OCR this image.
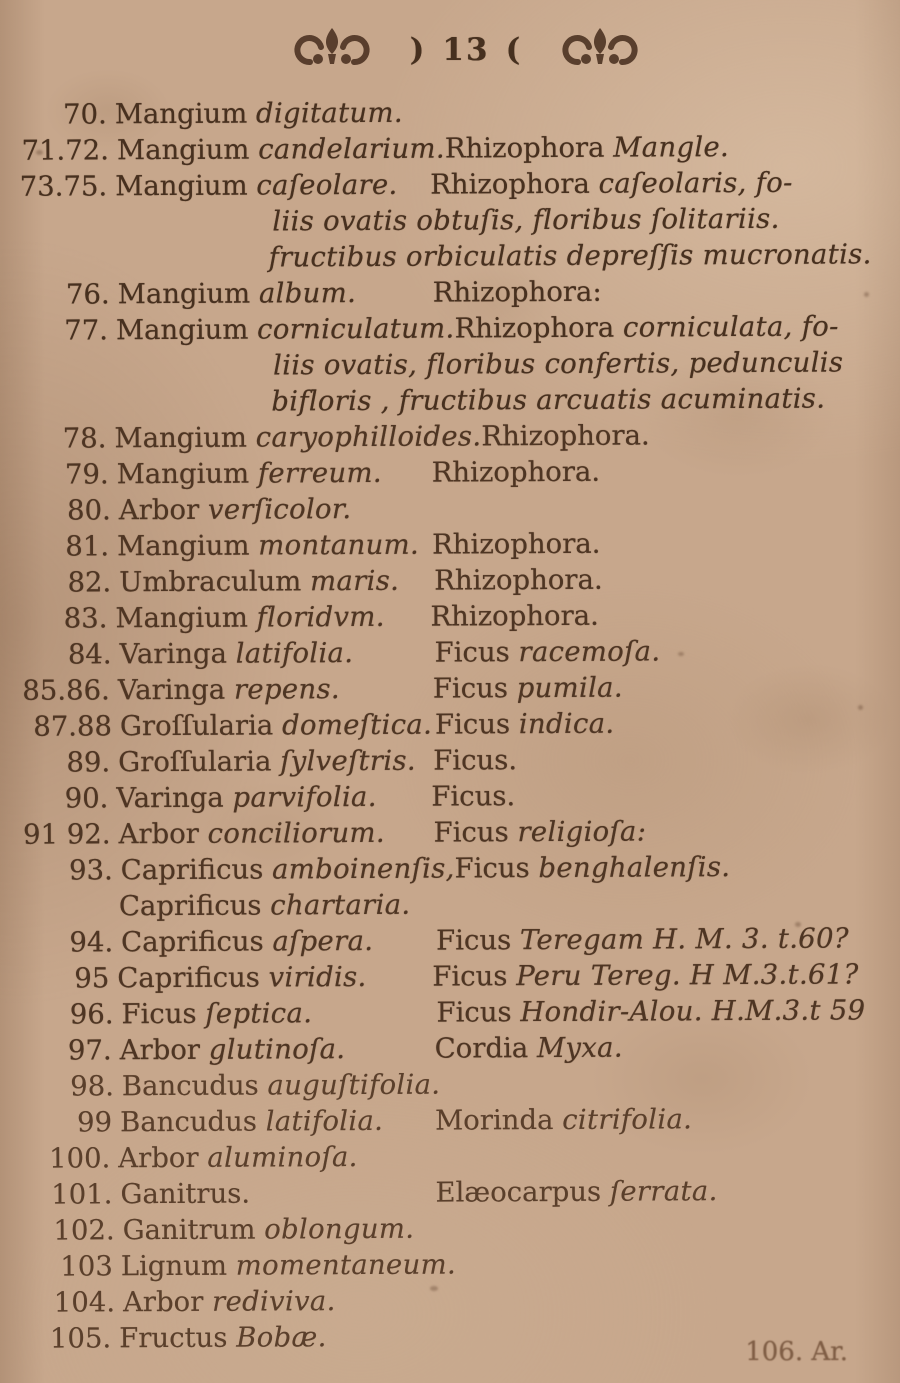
) 13 (
70. Mangium digitatum.
71.72. Mangium candelarium. Rhizophora Mangle.
73.75. Mangium caſeolare.	Rhizophora caſeolaris, fo-
liis ovatis obtuſis, floribus ſolitariis.
fructibus orbiculatis depreſſis mucronatis.
76. Mangium album.	Rhizophora:
77. Mangium corniculatum. Rhizophora corniculata, fo-
liis ovatis, floribus confertis, pedunculis
bifloris , fructibus arcuatis acuminatis.
78. Mangium caryophilloides. Rhizophora.
79. Mangium ferreum.	Rhizophora.
80. Arbor verſicolor.
81. Mangium montanum. Rhizophora.
82. Umbraculum maris.	Rhizophora.
83. Mangium floridvm.	Rhizophora.
84. Varinga latifolia.	Ficus racemoſa.
85.86. Varinga repens.	Ficus pumila.
87.88 Groſſularia domeſtica. Ficus indica.
89. Groſſularia ſylveſtris. Ficus.
90. Varinga parvifolia.	Ficus.
91 92. Arbor conciliorum.	Ficus religioſa:
93. Caprificus amboinenſis, Ficus benghalenſis.
Caprificus chartaria.
94. Caprificus aſpera.	Ficus Teregam H. M. 3. t.60?
95 Caprificus viridis.	Ficus Peru Tereg. H M.3.t.61?
96. Ficus ſeptica.	Ficus Hondir-Alou. H.M.3.t 59
97. Arbor glutinoſa.	Cordia Myxa.
98. Bancudus auguſtifolia.
99 Bancudus latifolia.	Morinda citrifolia.
100. Arbor aluminoſa.
101. Ganitrus.	Elæocarpus ſerrata.
102. Ganitrum oblongum.
103 Lignum momentaneum.
104. Arbor rediviva.
105. Fructus Bobæ.	106. Ar.
